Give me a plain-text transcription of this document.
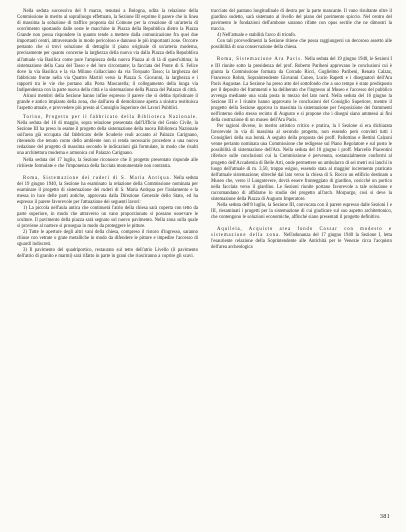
Nella seduta successiva del 9 marzo, tenutasi a Bologna, udita la relazione della Commissione in merito al sopralluogo effettuato, la Sezione III esprime il parere che in linea di massima la soluzione di traffico proposta dal Comune per la creazione di un'arteria di scorrimento spostando dalle soste le macchine in Piazza della Repubblica dietro la Piazza Grande non possa rispondere in quanto tende a mettere dalla comunicazione fra quei due importanti centri, attraversando in modo pericoloso e dannoso le più importanti zone. Occorre pertanto che si trovi soluzione di dettaglio il piano originale di un'arteria moderna, precisamente per quanto concerne la larghezza della nuova via dalla Piazza della Repubblica all'attuale via Basilica come pure l'ampiezza della nuova Piazza al di là di quest'ultima; la sistemazione della Casa del Tasso e del loro circostante; la facciata del Ponte di S. Felice dove la via Basilica e la via Milano s'allacciano da via Torquato Tasso; la larghezza del fabbricato fronte nella via Quattro Martiri verso la Piazza S. Giovanni, la larghezza e i rapporti tra le vie che portano alla Porta Mascarella; il collegamento della lunga via Indipendenza con la parte nuova della città e la sistemazione della Piazza del Palazzo di città.

Alcuni membri della Sezione hanno infine espresso il parere che si debba ripristinare il grande e antico impianto della zona, che dall'area di demolizione aperta a sinistra restituisca l'aspetto attuale, e provvedere più presto al Consiglio Superiore dei Lavori Pubblici.

Torino, Progetto per il fabbricato della Biblioteca Nazionale. Nella seduta del 16 di maggio, sopra relazione presentata dall'Ufficio del Genio Civile, la Sezione III ha preso in esame il progetto della sistemazione della nuova Biblioteca Nazionale sull'area già occupata dal fabbricato delle Scuderie reali accanto al Palazzo Carignano, ritenendo che tenuto conto dello ambiente non si renda necessario procedere a una nuova redazione del progetto di massima secondo le indicazioni già formulate, in modo che risulti una architettura moderna e armonica col Palazzo Carignano.

Nella seduta del 17 luglio, la Sezione riconosce che il progetto presentato risponde alle richieste formulate e che l'imponenza della facciata monumentale non contrasta.

Roma, Sistemazione dei ruderi di S. Maria Antiqua. Nella seduta del 19 giugno 1940, la Sezione ha esaminato la relazione della Commissione nominata per esaminare il progetto di sistemazione dei ruderi di S. Maria Antiqua per l'isolamento e la messa in luce delle parti antiche, approvata dalla Direzione Generale dello Stato, ed ha espresso il parere favorevole per l'attuazione dei seguenti lavori:

1) La piccola nell'aula antica che continuerà l'atrio della chiesa sarà coperta con tetto da parte superiore, in modo che attraverso un vano proporzionato si possano osservare le sculture. Il pavimento della piazza sarà segnato sul nuovo pavimento. Nella zona sulla quale si proviene al nartece si prosegua in modo da proteggere le pitture.

2) Tutte le aperture degli altri vani della chiesa, compreso il ristoro d'ingresso, saranno chiuse con vetrate o grate metalliche in modo da difendere le pitture e impedire l'accesso di sguardi indiscreti.

3) Il pavimento del quadriportico, restaurato sul tetto dell'atrio Livello (il pavimento dell'atrio di granito e marmi) sarà rifatto in parte in grani che riusciranno a coprire gli scavi.

tracciato del pantano longitudinale di destra per la parte mancante. Il vano risultante oltre il giardino sudetto, sarà sistemato al livello del piano del pavimento spiccio. Nel centro del pavimento le fondazioni dell'ambone saranno rifatte con opus sectile che ne dimostri la traccia.

4) Nell'attuale e stabilità l'arco di trionfo.

Con tali provvedimenti la Sezione ritiene che possa raggiungersi un decoroso assetto alle possibilità di una conservazione della chiesa.

Roma, Sistemazione Ara Pacis. Nella seduta del 19 giugno 1940, le Sezioni I e III riunite sotto la presidenza del prof. Roberto Paribeni approvano le conclusioni cui è giunta la Commissione formata da Corrado Ricci, Guglielmo Paribeni, Renato Calzaz, Francesco Rohm, Sopraintendente Giovanni Cuneo, Lucio Rapetti e i disegnatori dell'Ara Pacis Augustae. La Sezione ha preso atto del sottofondo che a suo tempo è stato predisposto per il deposito dei frammenti e ha deliberato che l'ingresso al Museo e l'accesso del pubblico avvenga mediante una scala posta in mezzo del lato nord. Nella seduta del 16 giugno la Sezione III e I riunite hanno approvato le conclusioni del Consiglio Superiore, mentre il progetto della Sezione approva in massima la sistemazione per l'esposizione dei frammenti nell'interno dello stesso recinto di Augusto e si propone che i disegni siano ammessi ai fini della costruzione di un museo dell'Ara Pacis.

Per ragioni diverse, in merito artistico critico e pratica, la I Sezione si era dichiarata favorevole in via di massima al secondo progetto, non essendo però convinti tutti i Consiglieri della sua bontà. A seguito della proposta dei proff. Pallottino e Bettini Calzoni venne pertanto nominata una Commissione che redigesse sul Piano Regolatore e sul posto le possibilità di sistemazione dell'Ara. Nella seduta del 10 giugno i proff. Marcello Piacentini riferisce sulle conclusioni cui la Commissione è pervenuta, sostanzialmente conformi al progetto dell'Accademia di Belle Arti, onde permettere un ambulacro di sei metri sui lanchi in luogo dell'attuale di m. 3,50, troppo esiguo, essendo stata al maggior incremento praticato dell'attuale sistemazione; oltreché dal lato verso la chiesa di S. Rocco un edificio destinato a Museo che, verso il Lungotevere, dovrà essere fronteggiato di giardino, cosicché un portico nella facciata verso il giardino. Le Sezioni riunite portano favorevole a tale soluzione e raccomandano di affidarne lo studio del progetto all'arch. Morpurgo, così si deve la sistemazione della Piazza di Augusto Imperatore.

Nella seduta dell'8 luglio, la Sezione III, convocata con il parere espresso dalle Sezioni I e III, riesaminati i progetti per la sistemazione di cui giudicare sul suo aspetto architettonico, che contengono le soluzioni economiche, affinché siano presentati il progetto definitivo.

Aquileia, Acquisto area fondo Cossar con modesto e sistemazione della zona. Nell'adunanza del 17 giugno 1940 la Sezione I, letta l'esauriente relazione della Soprintendente alle Antichità per le Venezie circa l'acquisto dell'area archeologica

381
